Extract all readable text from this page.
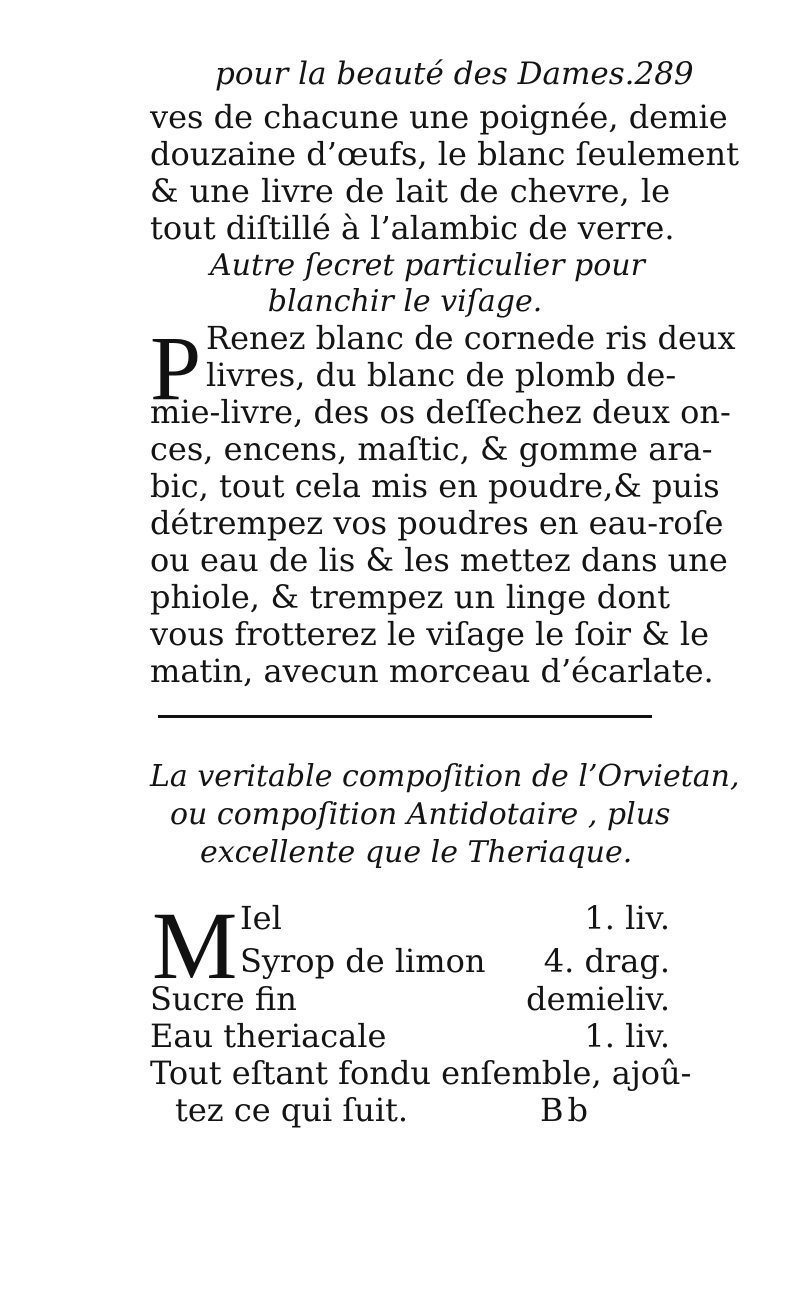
pour la beauté des Dames. 289
ves de chacune une poignée, demie
douzaine d’œufs, le blanc ſeulement
& une livre de lait de chevre, le
tout diſtillé à l’alambic de verre.
Autre ſecret particulier pour
blanchir le viſage.
P Renez blanc de cornede ris deux
livres, du blanc de plomb de-
mie-livre, des os deſſechez deux on-
ces, encens, maſtic, & gomme ara-
bic, tout cela mis en poudre,& puis
détrempez vos poudres en eau-roſe
ou eau de lis & les mettez dans une
phiole, & trempez un linge dont
vous frotterez le viſage le ſoir & le
matin, avecun morceau d’écarlate.
La veritable compoſition de l’Orvietan,
ou compoſition Antidotaire , plus
excellente que le Theriaque.
M Iel	1. liv.
Syrop de limon 4. drag.
Sucre fin	demieliv.
Eau theriacale	1. liv.
Tout eſtant fondu enſemble, ajoû-
tez ce qui ſuit.	Bb
